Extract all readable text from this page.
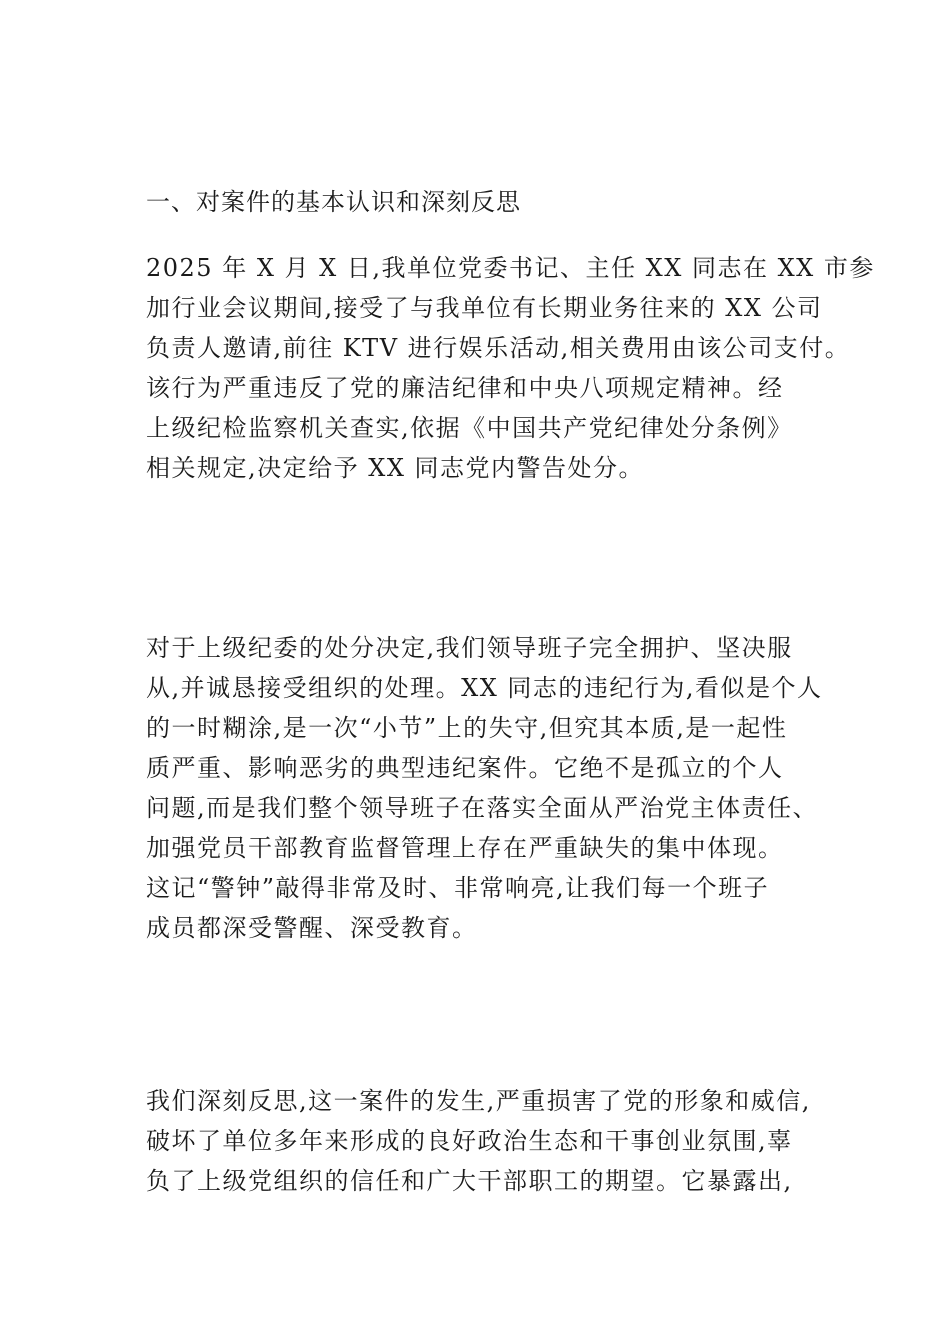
一、对案件的基本认识和深刻反思
2025 年 X 月 X 日,我单位党委书记、主任 XX 同志在 XX 市参
加行业会议期间,接受了与我单位有长期业务往来的 XX 公司
负责人邀请,前往 KTV 进行娱乐活动,相关费用由该公司支付。
该行为严重违反了党的廉洁纪律和中央八项规定精神。经
上级纪检监察机关查实,依据《中国共产党纪律处分条例》
相关规定,决定给予 XX 同志党内警告处分。
对于上级纪委的处分决定,我们领导班子完全拥护、坚决服
从,并诚恳接受组织的处理。XX 同志的违纪行为,看似是个人
的一时糊涂,是一次“小节”上的失守,但究其本质,是一起性
质严重、影响恶劣的典型违纪案件。它绝不是孤立的个人
问题,而是我们整个领导班子在落实全面从严治党主体责任、
加强党员干部教育监督管理上存在严重缺失的集中体现。
这记“警钟”敲得非常及时、非常响亮,让我们每一个班子
成员都深受警醒、深受教育。
我们深刻反思,这一案件的发生,严重损害了党的形象和威信,
破坏了单位多年来形成的良好政治生态和干事创业氛围,辜
负了上级党组织的信任和广大干部职工的期望。它暴露出,
